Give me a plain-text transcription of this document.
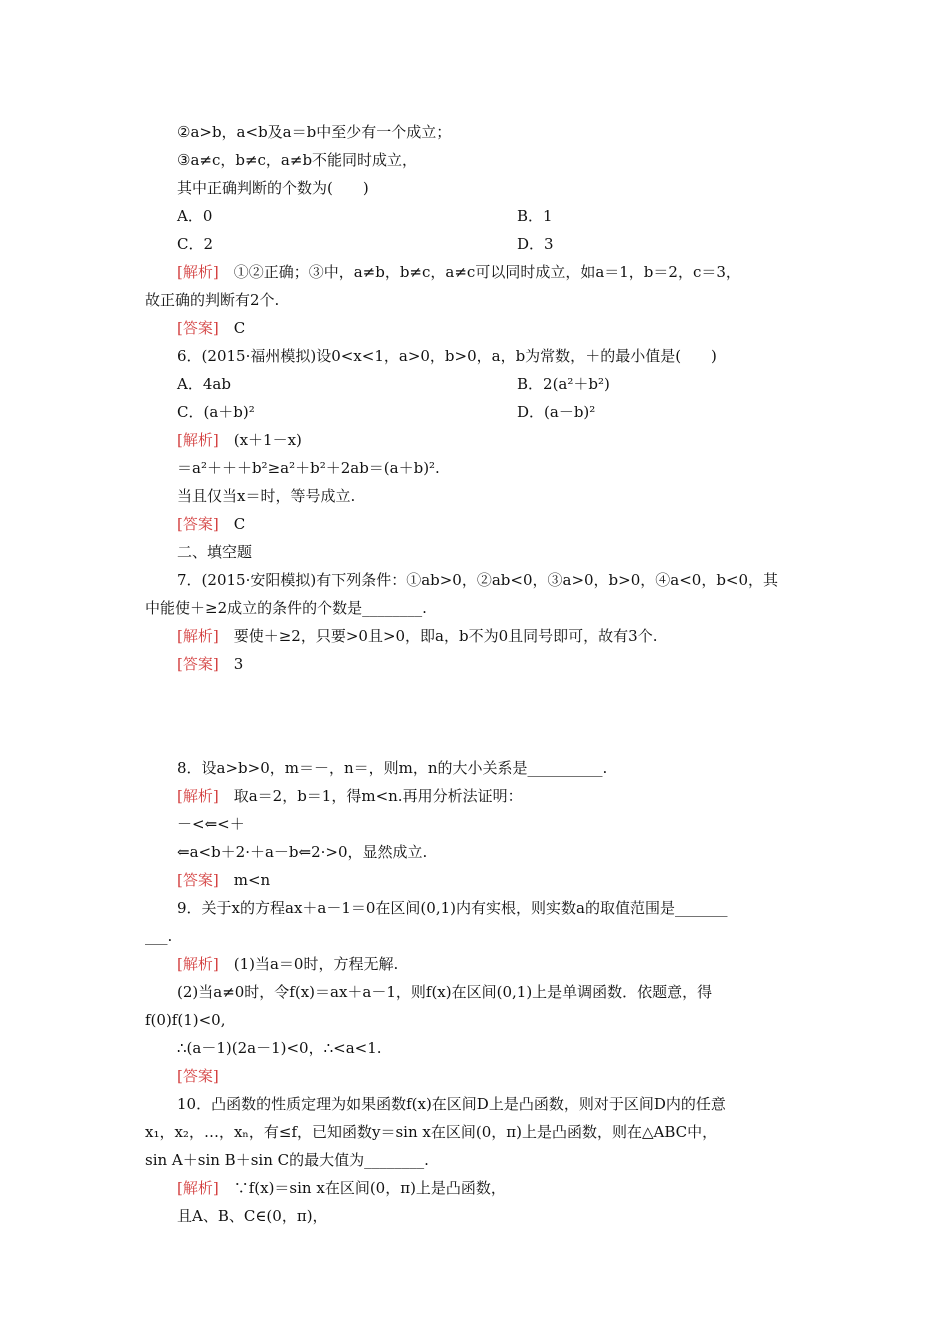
②a>b，a<b及a＝b中至少有一个成立；
③a≠c，b≠c，a≠b不能同时成立，
其中正确判断的个数为(　　)
A．0	B．1
C．2	D．3
[解析]　①②正确；③中，a≠b，b≠c，a≠c可以同时成立，如a＝1，b＝2，c＝3，
故正确的判断有2个.
[答案]　C
6．(2015·福州模拟)设0<x<1，a>0，b>0，a，b为常数，＋的最小值是(　　)
A．4ab	B．2(a²＋b²)
C．(a＋b)²	D．(a－b)²
[解析]　(x＋1－x)
＝a²＋＋＋b²≥a²＋b²＋2ab＝(a＋b)².
当且仅当x＝时，等号成立.
[答案]　C
二、填空题
7．(2015·安阳模拟)有下列条件：①ab>0，②ab<0，③a>0，b>0，④a<0，b<0，其
中能使＋≥2成立的条件的个数是________.
[解析]　要使＋≥2，只要>0且>0，即a，b不为0且同号即可，故有3个.
[答案]　3
8．设a>b>0，m＝－，n＝，则m，n的大小关系是__________.
[解析]　取a＝2，b＝1，得m<n.再用分析法证明：
－<⇐<＋
⇐a<b＋2·＋a－b⇐2·>0，显然成立.
[答案]　m<n
9．关于x的方程ax＋a－1＝0在区间(0,1)内有实根，则实数a的取值范围是_______
___.
[解析]　(1)当a＝0时，方程无解.
(2)当a≠0时，令f(x)＝ax＋a－1，则f(x)在区间(0,1)上是单调函数．依题意，得
f(0)f(1)<0,
∴(a－1)(2a－1)<0，∴<a<1.
[答案]
10．凸函数的性质定理为如果函数f(x)在区间D上是凸函数，则对于区间D内的任意
x₁，x₂，…，xₙ，有≤f，已知函数y＝sin x在区间(0，π)上是凸函数，则在△ABC中，
sin A＋sin B＋sin C的最大值为________.
[解析]　∵f(x)＝sin x在区间(0，π)上是凸函数，
且A、B、C∈(0，π)，
